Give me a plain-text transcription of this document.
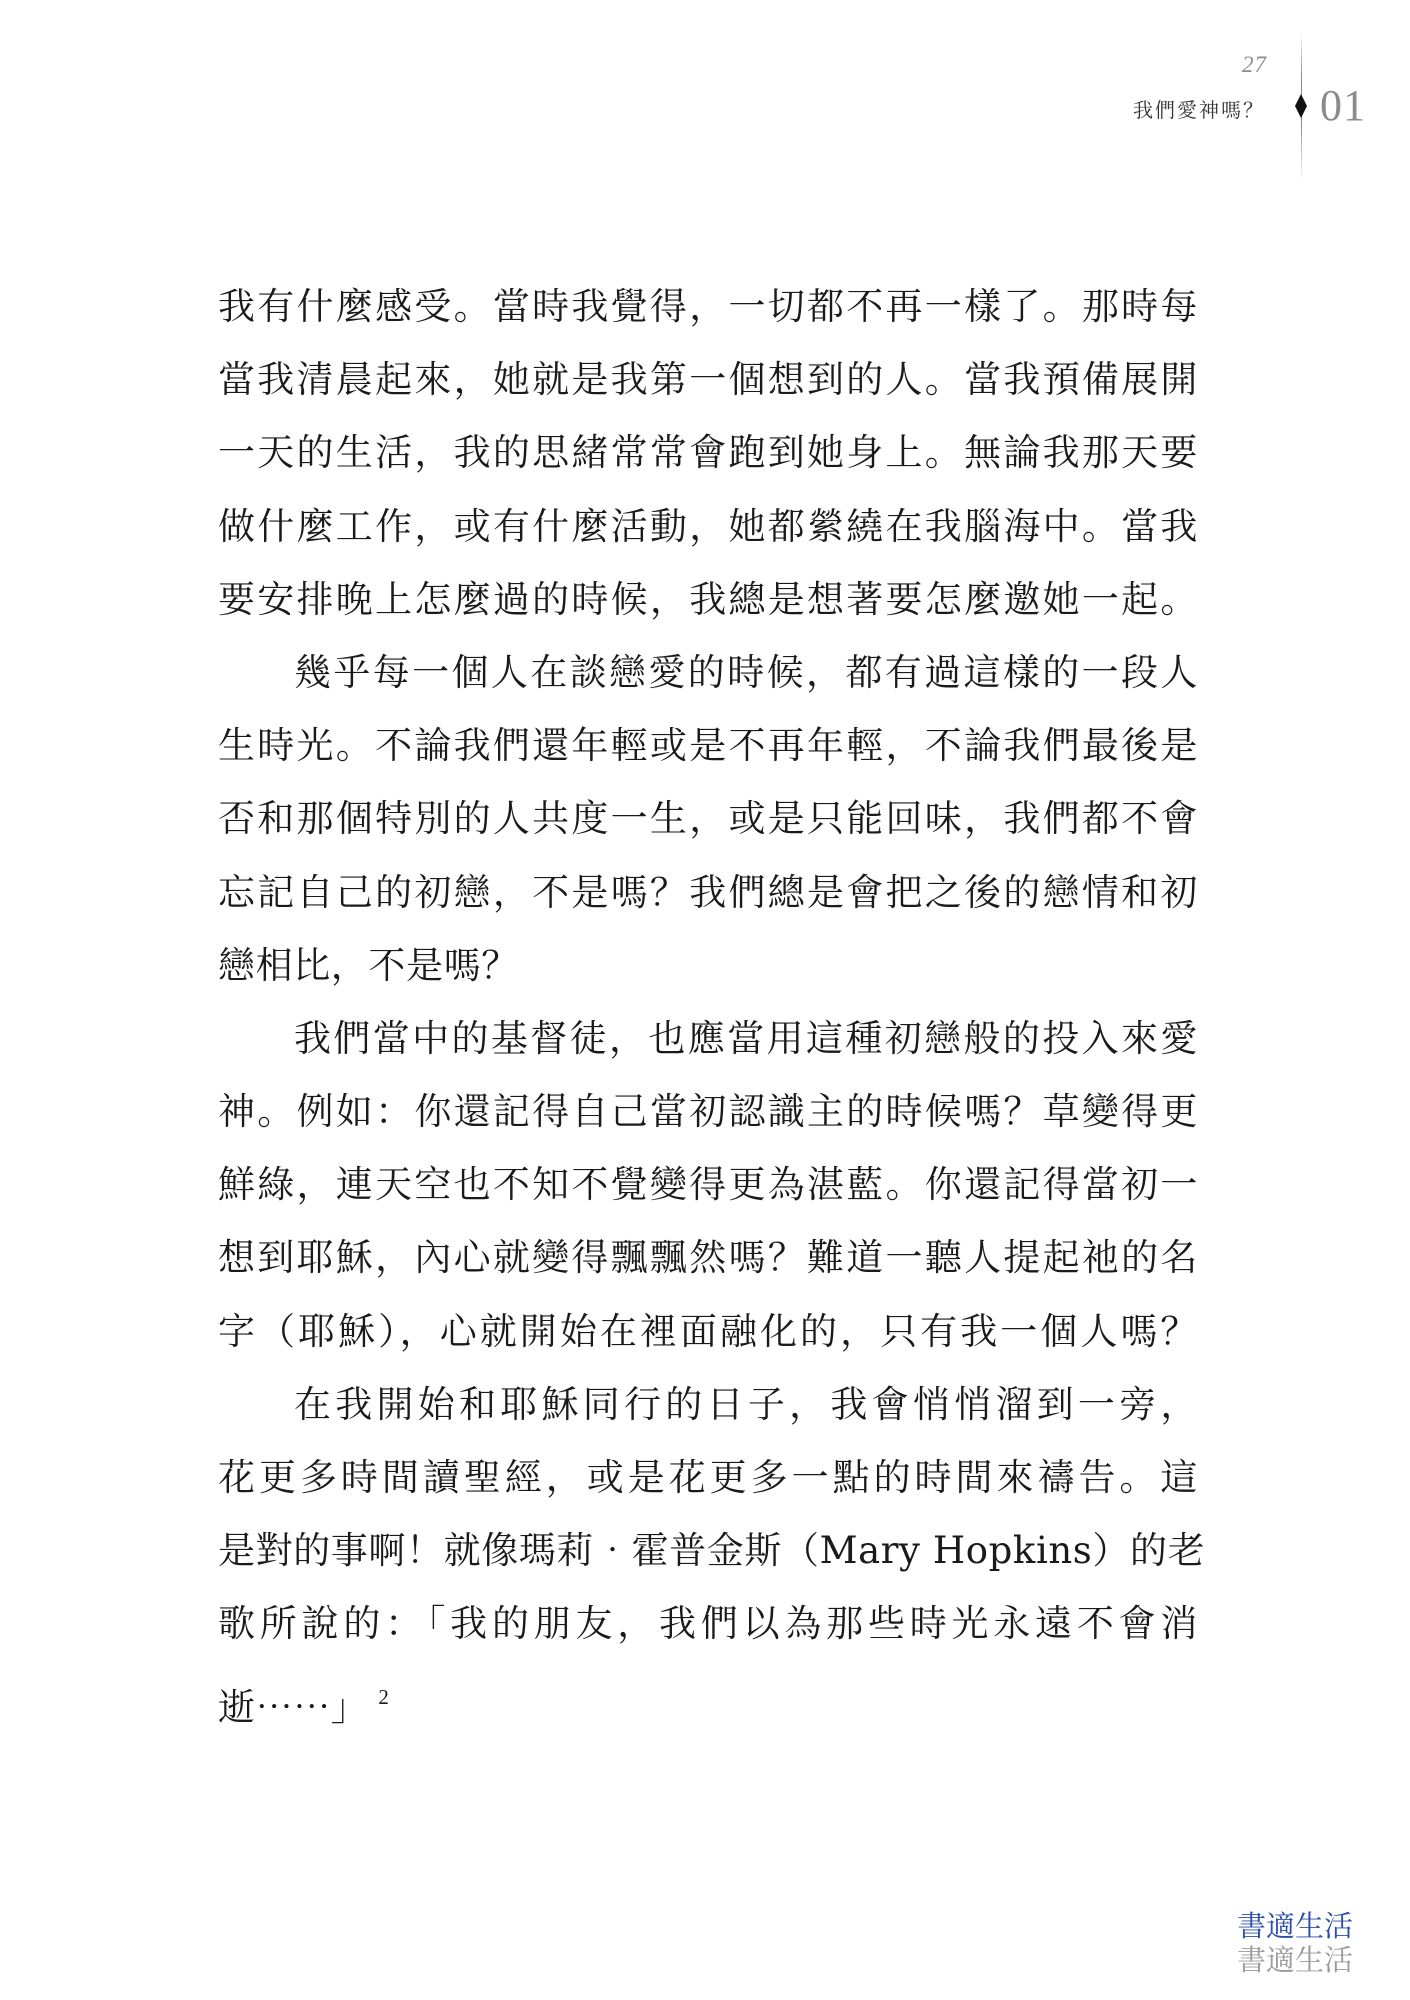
27
我們愛神嗎？ 01

我有什麼感受。當時我覺得，一切都不再一樣了。那時每

當我清晨起來，她就是我第一個想到的人。當我預備展開

一天的生活，我的思緒常常會跑到她身上。無論我那天要

做什麼工作，或有什麼活動，她都縈繞在我腦海中。當我

要安排晚上怎麼過的時候，我總是想著要怎麼邀她一起。

幾乎每一個人在談戀愛的時候，都有過這樣的一段人

生時光。不論我們還年輕或是不再年輕，不論我們最後是

否和那個特別的人共度一生，或是只能回味，我們都不會

忘記自己的初戀，不是嗎？我們總是會把之後的戀情和初

戀相比，不是嗎？

我們當中的基督徒，也應當用這種初戀般的投入來愛

神。例如：你還記得自己當初認識主的時候嗎？草變得更

鮮綠，連天空也不知不覺變得更為湛藍。你還記得當初一

想到耶穌，內心就變得飄飄然嗎？難道一聽人提起祂的名

字（耶穌），心就開始在裡面融化的，只有我一個人嗎？

在我開始和耶穌同行的日子，我會悄悄溜到一旁，

花更多時間讀聖經，或是花更多一點的時間來禱告。這

是對的事啊！就像瑪莉‧霍普金斯（Mary Hopkins）的老

歌所說的：「我的朋友，我們以為那些時光永遠不會消

逝⋯⋯」 $^2$

書適生活
書適生活
